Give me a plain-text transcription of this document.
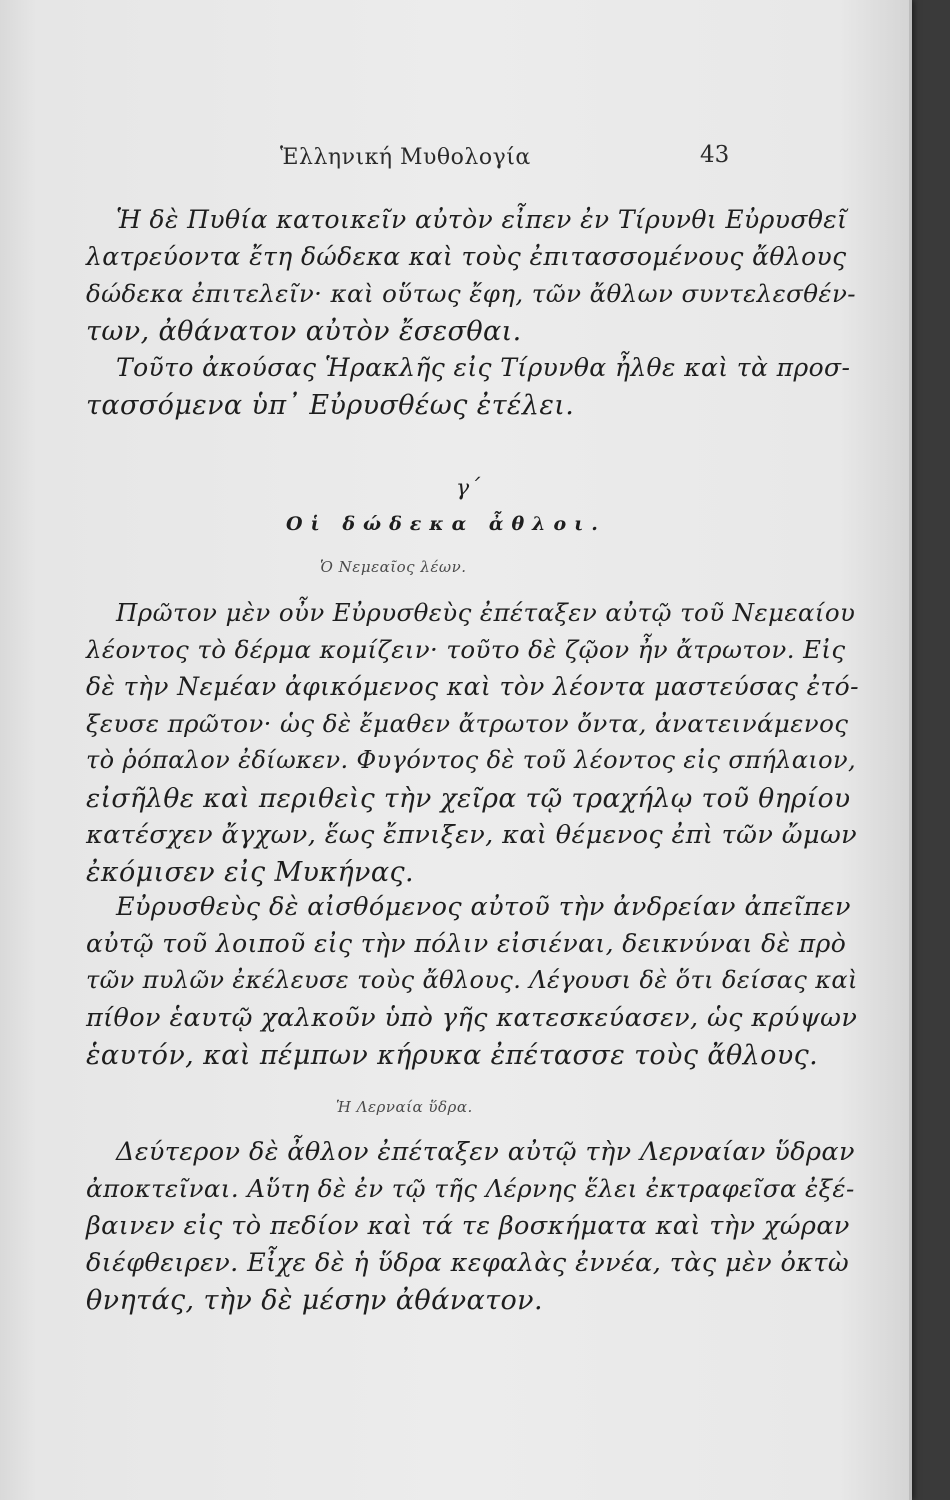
Ἑλληνική Μυθολογία	43
Ἡ δὲ Πυθία κατοικεῖν αὐτὸν εἶπεν ἐν Τίρυνθι Εὐρυσθεῖ
λατρεύοντα ἔτη δώδεκα καὶ τοὺς ἐπιτασσομένους ἄθλους
δώδεκα ἐπιτελεῖν· καὶ οὕτως ἔφη, τῶν ἄθλων συντελεσθέν-
των, ἀθάνατον αὐτὸν ἔσεσθαι.
Τοῦτο ἀκούσας Ἡρακλῆς εἰς Τίρυνθα ἦλθε καὶ τὰ προσ-
τασσόμενα ὑπ᾽ Εὐρυσθέως ἐτέλει.
γ΄
Οἱ δώδεκα ἆθλοι.
Ὁ Νεμεαῖος λέων.
Πρῶτον μὲν οὖν Εὐρυσθεὺς ἐπέταξεν αὐτῷ τοῦ Νεμεαίου
λέοντος τὸ δέρμα κομίζειν· τοῦτο δὲ ζῷον ἦν ἄτρωτον. Εἰς
δὲ τὴν Νεμέαν ἀφικόμενος καὶ τὸν λέοντα μαστεύσας ἐτό-
ξευσε πρῶτον· ὡς δὲ ἔμαθεν ἄτρωτον ὄντα, ἀνατεινάμενος
τὸ ῥόπαλον ἐδίωκεν. Φυγόντος δὲ τοῦ λέοντος εἰς σπήλαιον,
εἰσῆλθε καὶ περιθεὶς τὴν χεῖρα τῷ τραχήλῳ τοῦ θηρίου
κατέσχεν ἄγχων, ἕως ἔπνιξεν, καὶ θέμενος ἐπὶ τῶν ὤμων
ἐκόμισεν εἰς Μυκήνας.
Εὐρυσθεὺς δὲ αἰσθόμενος αὐτοῦ τὴν ἀνδρείαν ἀπεῖπεν
αὐτῷ τοῦ λοιποῦ εἰς τὴν πόλιν εἰσιέναι, δεικνύναι δὲ πρὸ
τῶν πυλῶν ἐκέλευσε τοὺς ἄθλους. Λέγουσι δὲ ὅτι δείσας καὶ
πίθον ἑαυτῷ χαλκοῦν ὑπὸ γῆς κατεσκεύασεν, ὡς κρύψων
ἑαυτόν, καὶ πέμπων κήρυκα ἐπέτασσε τοὺς ἄθλους.
Ἡ Λερναία ὕδρα.
Δεύτερον δὲ ἆθλον ἐπέταξεν αὐτῷ τὴν Λερναίαν ὕδραν
ἀποκτεῖναι. Αὕτη δὲ ἐν τῷ τῆς Λέρνης ἕλει ἐκτραφεῖσα ἐξέ-
βαινεν εἰς τὸ πεδίον καὶ τά τε βοσκήματα καὶ τὴν χώραν
διέφθειρεν. Εἶχε δὲ ἡ ὕδρα κεφαλὰς ἐννέα, τὰς μὲν ὀκτὼ
θνητάς, τὴν δὲ μέσην ἀθάνατον.
